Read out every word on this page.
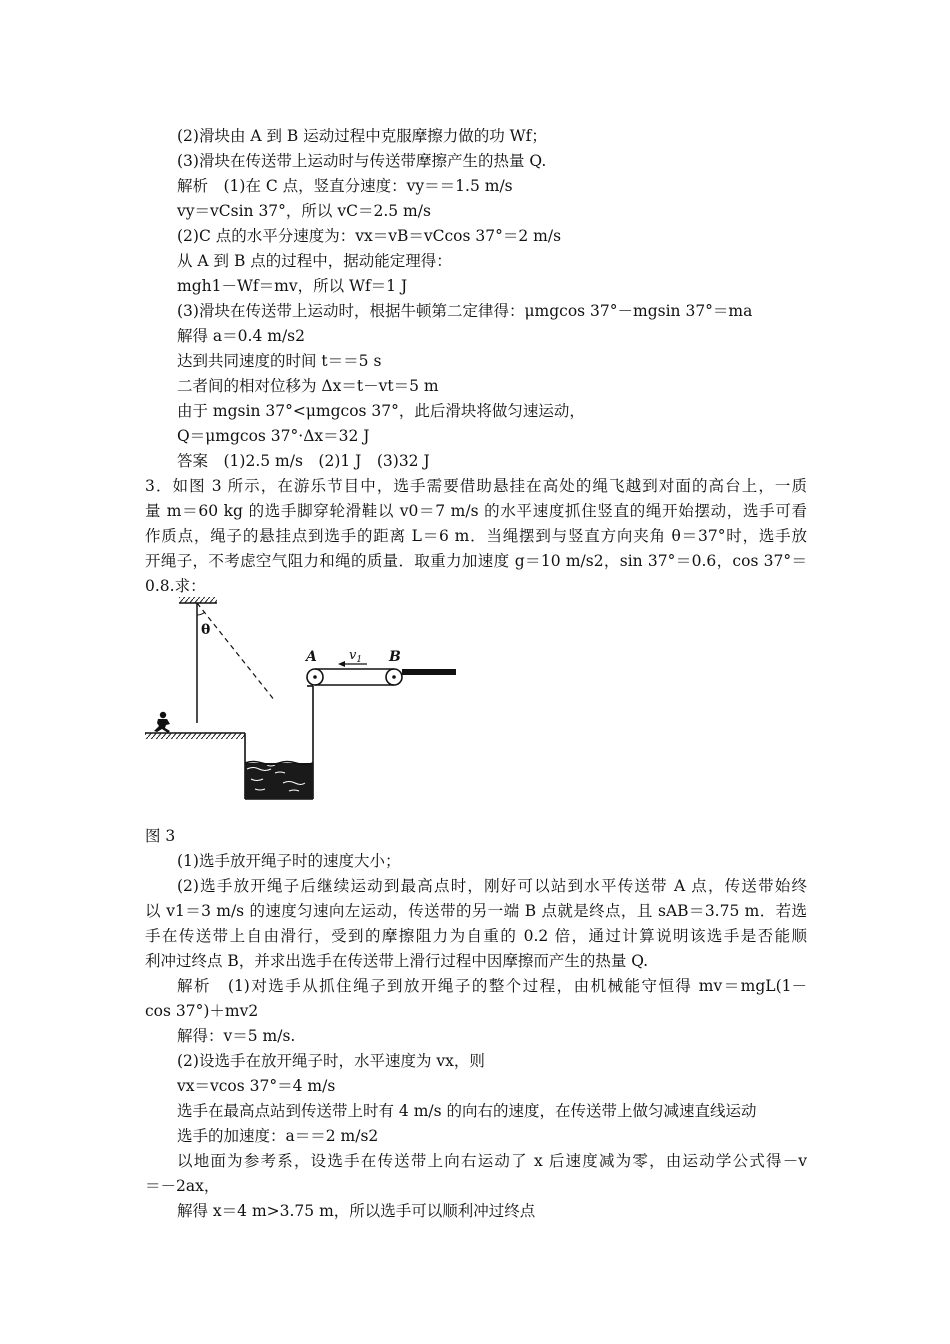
(2)滑块由 A 到 B 运动过程中克服摩擦力做的功 Wf；
(3)滑块在传送带上运动时与传送带摩擦产生的热量 Q.
解析　(1)在 C 点，竖直分速度：vy＝＝1.5 m/s
vy＝vCsin 37°，所以 vC＝2.5 m/s
(2)C 点的水平分速度为：vx＝vB＝vCcos 37°＝2 m/s
从 A 到 B 点的过程中，据动能定理得：
mgh1－Wf＝mv，所以 Wf＝1 J
(3)滑块在传送带上运动时，根据牛顿第二定律得：μmgcos 37°－mgsin 37°＝ma
解得 a＝0.4 m/s2
达到共同速度的时间 t＝＝5 s
二者间的相对位移为 Δx＝t－vt＝5 m
由于 mgsin 37°<μmgcos 37°，此后滑块将做匀速运动，
Q＝μmgcos 37°·Δx＝32 J
答案　(1)2.5 m/s　(2)1 J　(3)32 J
3．如图 3 所示，在游乐节目中，选手需要借助悬挂在高处的绳飞越到对面的高台上，一质
量 m＝60 kg 的选手脚穿轮滑鞋以 v0＝7 m/s 的水平速度抓住竖直的绳开始摆动，选手可看
作质点，绳子的悬挂点到选手的距离 L＝6 m．当绳摆到与竖直方向夹角 θ＝37°时，选手放
开绳子，不考虑空气阻力和绳的质量．取重力加速度 g＝10 m/s2，sin 37°＝0.6，cos 37°＝
0.8.求：
θ
$v_1$
A	B
图 3
(1)选手放开绳子时的速度大小；
(2)选手放开绳子后继续运动到最高点时，刚好可以站到水平传送带 A 点，传送带始终
以 v1＝3 m/s 的速度匀速向左运动，传送带的另一端 B 点就是终点，且 sAB＝3.75 m．若选
手在传送带上自由滑行，受到的摩擦阻力为自重的 0.2 倍，通过计算说明该选手是否能顺
利冲过终点 B，并求出选手在传送带上滑行过程中因摩擦而产生的热量 Q.
解析　(1)对选手从抓住绳子到放开绳子的整个过程，由机械能守恒得 mv＝mgL(1－
cos 37°)＋mv2
解得：v＝5 m/s.
(2)设选手在放开绳子时，水平速度为 vx，则
vx＝vcos 37°＝4 m/s
选手在最高点站到传送带上时有 4 m/s 的向右的速度，在传送带上做匀减速直线运动
选手的加速度：a＝＝2 m/s2
以地面为参考系，设选手在传送带上向右运动了 x 后速度减为零，由运动学公式得－v
＝－2ax，
解得 x＝4 m>3.75 m，所以选手可以顺利冲过终点
